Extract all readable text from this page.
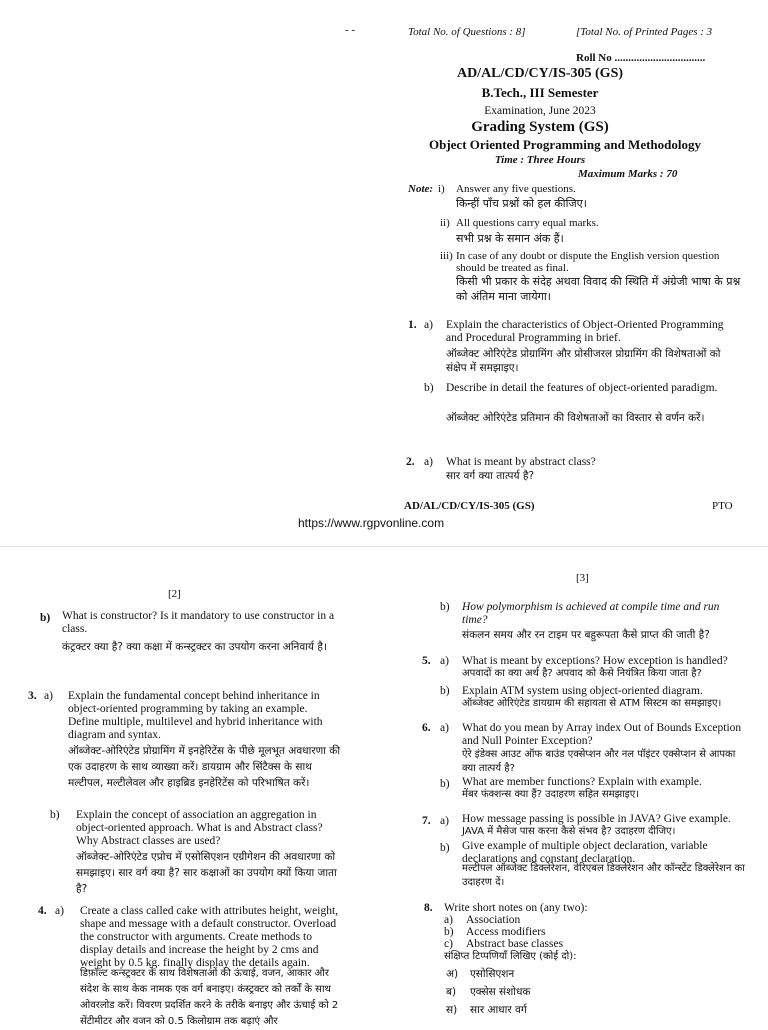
- -	Total No. of Questions : 8]	[Total No. of Printed Pages : 3
Roll No .................................
AD/AL/CD/CY/IS-305 (GS)
B.Tech., III Semester
Examination, June 2023
Grading System (GS)
Object Oriented Programming and Methodology
Time : Three Hours
Maximum Marks : 70
Note: i) Answer any five questions.
किन्हीं पाँच प्रश्नों को हल कीजिए।
ii) All questions carry equal marks.
सभी प्रश्न के समान अंक हैं।
iii) In case of any doubt or dispute the English version question should be treated as final.
किसी भी प्रकार के संदेह अथवा विवाद की स्थिति में अंग्रेजी भाषा के प्रश्न को अंतिम माना जायेगा।
1. a) Explain the characteristics of Object-Oriented Programming and Procedural Programming in brief.
ऑब्जेक्ट ओरिएंटेड प्रोग्रामिंग और प्रोसीजरल प्रोग्रामिंग की विशेषताओं को संक्षेप में समझाइए।
b) Describe in detail the features of object-oriented paradigm.
ऑब्जेक्ट ओरिएंटेड प्रतिमान की विशेषताओं का विस्तार से वर्णन करें।
2. a) What is meant by abstract class?
सार वर्ग क्या तात्पर्य है?
AD/AL/CD/CY/IS-305 (GS)	PTO
https://www.rgpvonline.com
[2]
b) What is constructor? Is it mandatory to use constructor in a class.
कंट्रक्टर क्या है? क्या कक्षा में कन्स्ट्रक्टर का उपयोग करना अनिवार्य है।
3. a) Explain the fundamental concept behind inheritance in object-oriented programming by taking an example. Define multiple, multilevel and hybrid inheritance with diagram and syntax.
ऑब्जेक्ट-ओरिएंटेड प्रोग्रामिंग में इनहेरिटेंस के पीछे मूलभूत अवधारणा की एक उदाहरण के साथ व्याख्या करें। डायग्राम और सिंटैक्स के साथ मल्टीपल, मल्टीलेवल और हाइब्रिड इनहेरिटेंस को परिभाषित करें।
b) Explain the concept of association an aggregation in object-oriented approach. What is and Abstract class? Why Abstract classes are used?
ऑब्जेक्ट-ओरिएंटेड एप्रोच में एसोसिएशन एग्रीगेशन की अवधारणा को समझाइए। सार वर्ग क्या है? सार कक्षाओं का उपयोग क्यों किया जाता है?
4. a) Create a class called cake with attributes height, weight, shape and message with a default constructor. Overload the constructor with arguments. Create methods to display details and increase the height by 2 cms and weight by 0.5 kg. finally display the details again.
डिफ़ॉल्ट कन्स्ट्रक्टर के साथ विशेषताओं की ऊंचाई, वजन, आकार और संदेश के साथ केक नामक एक वर्ग बनाइए। कंस्ट्रक्टर को तर्कों के साथ ओवरलोड करें। विवरण प्रदर्शित करने के तरीके बनाइए और ऊंचाई को 2 सेंटीमीटर और वजन को 0.5 किलोग्राम तक बढ़ाएं और
[3]
b) How polymorphism is achieved at compile time and run time?
संकलन समय और रन टाइम पर बहुरूपता कैसे प्राप्त की जाती है?
5. a) What is meant by exceptions? How exception is handled?
अपवादों का क्या अर्थ है? अपवाद को कैसे नियंत्रित किया जाता है?
b) Explain ATM system using object-oriented diagram.
ऑब्जेक्ट ओरिएंटेड डायग्राम की सहायता से ATM सिस्टम का समझाइए।
6. a) What do you mean by Array index Out of Bounds Exception and Null Pointer Exception?
ऐरे इंडेक्स आउट ऑफ बाउंड एक्सेप्शन और नल पॉइंटर एक्सेप्शन से आपका क्या तात्पर्य है?
b) What are member functions? Explain with example.
मेंबर फंक्शन्स क्या हैं? उदाहरण सहित समझाइए।
7. a) How message passing is possible in JAVA? Give example.
JAVA में मैसेज पास करना कैसे संभव है? उदाहरण दीजिए।
b) Give example of multiple object declaration, variable declarations and constant declaration.
मल्टीपल ऑब्जेक्ट डिक्लेरेशन, वेरिएबल डिक्लेरेशन और कॉन्स्टेंट डिक्लेरेशन का उदाहरण दें।
8. Write short notes on (any two):
a) Association
b) Access modifiers
c) Abstract base classes
संक्षिप्त टिप्पणियाँ लिखिए (कोई दो):
अ) एसोसिएशन
ब) एक्सेस संशोधक
स) सार आधार वर्ग
